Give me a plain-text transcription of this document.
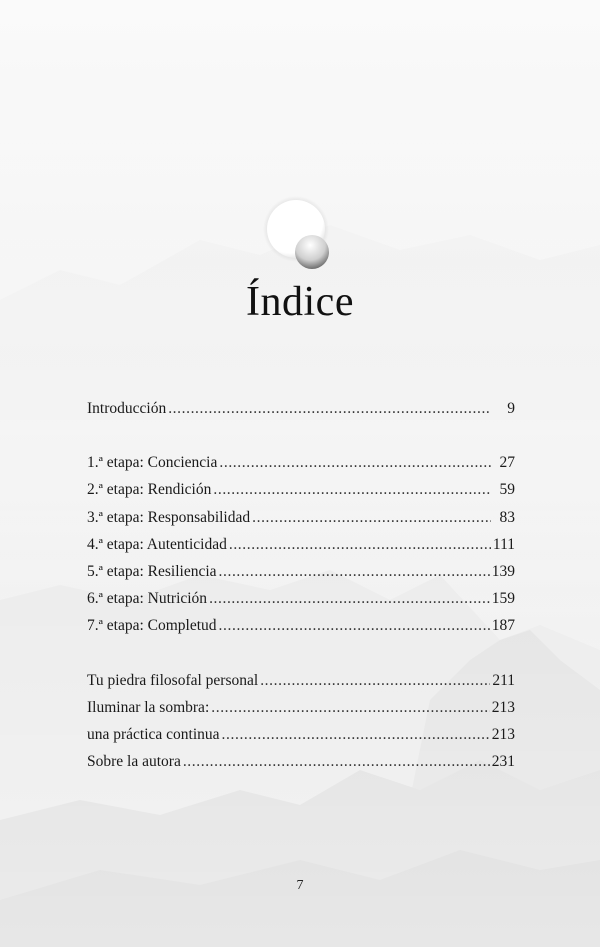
Índice
Introducción .....	9
1.ª etapa: Conciencia .....	27
2.ª etapa: Rendición .....	59
3.ª etapa: Responsabilidad .....	83
4.ª etapa: Autenticidad .....	111
5.ª etapa: Resiliencia .....	139
6.ª etapa: Nutrición .....	159
7.ª etapa: Completud .....	187
Tu piedra filosofal personal .....	211
Iluminar la sombra: .....	213
una práctica continua .....	213
Sobre la autora .....	231
7
